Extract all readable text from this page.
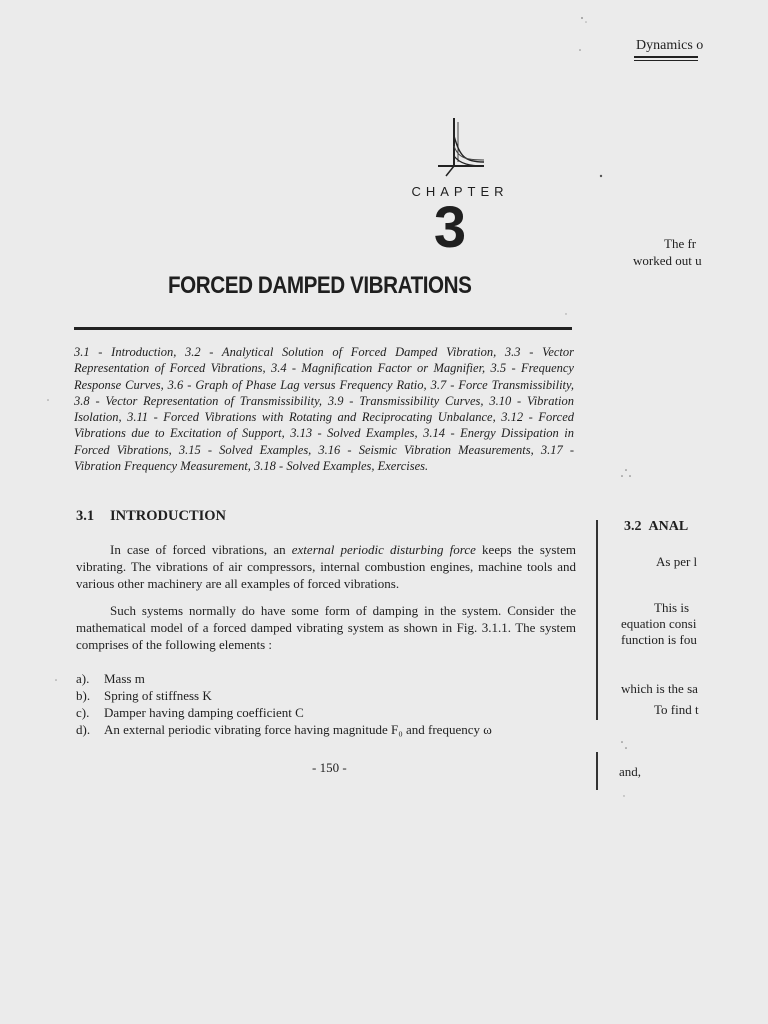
Dynamics o
CHAPTER
3
FORCED DAMPED VIBRATIONS
3.1 - Introduction, 3.2 - Analytical Solution of Forced Damped Vibration, 3.3 - Vector Representation of Forced Vibrations, 3.4 - Magnification Factor or Magnifier, 3.5 - Frequency Response Curves, 3.6 - Graph of Phase Lag versus Frequency Ratio, 3.7 - Force Transmissibility, 3.8 - Vector Representation of Transmissibility, 3.9 - Transmissibility Curves, 3.10 - Vibration Isolation, 3.11 - Forced Vibrations with Rotating and Reciprocating Unbalance, 3.12 - Forced Vibrations due to Excitation of Support, 3.13 - Solved Examples, 3.14 - Energy Dissipation in Forced Vibrations, 3.15 - Solved Examples, 3.16 - Seismic Vibration Measurements, 3.17 - Vibration Frequency Measurement, 3.18 - Solved Examples, Exercises.
3.1 INTRODUCTION
In case of forced vibrations, an external periodic disturbing force keeps the system vibrating. The vibrations of air compressors, internal combustion engines, machine tools and various other machinery are all examples of forced vibrations.
Such systems normally do have some form of damping in the system. Consider the mathematical model of a forced damped vibrating system as shown in Fig. 3.1.1. The system comprises of the following elements :
a). Mass m
b). Spring of stiffness K
c). Damper having damping coefficient C
d). An external periodic vibrating force having magnitude F₀ and frequency ω
- 150 -
The fr
worked out u
3.2 ANAL
As per l
This is
equation consi
function is fou
which is the sa
To find t
and,
